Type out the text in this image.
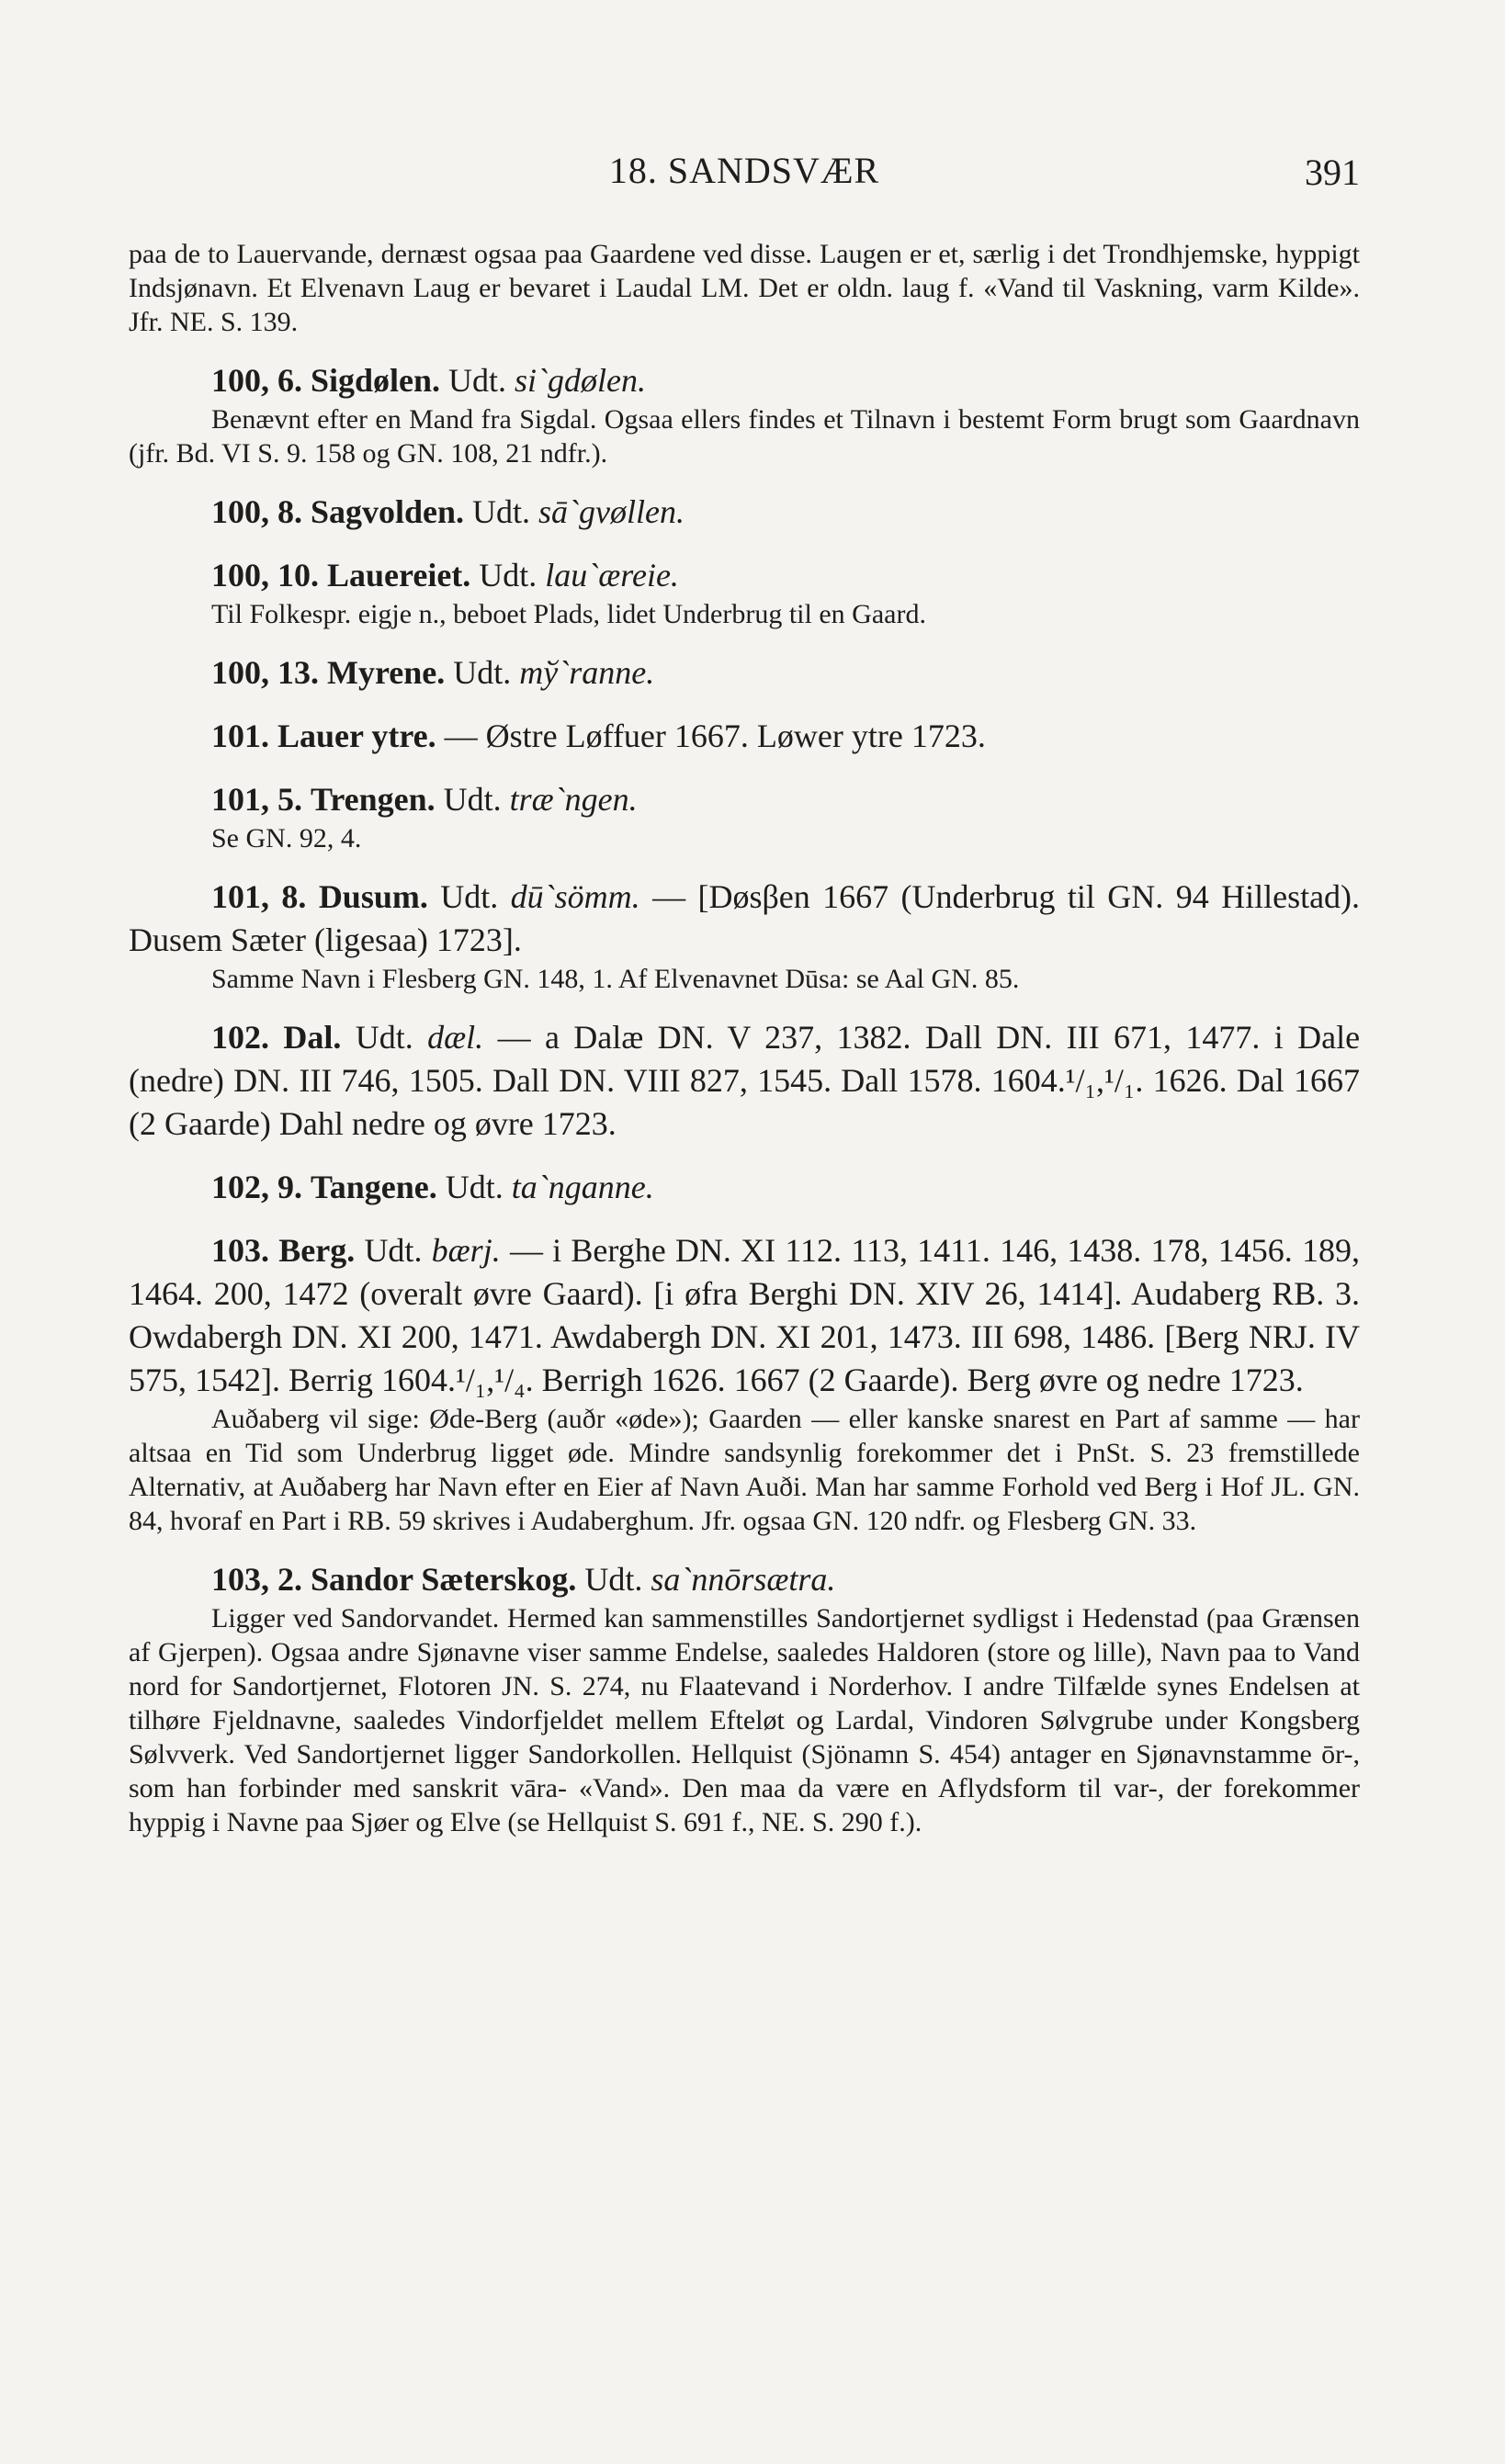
18. SANDSVÆR	391

paa de to Lauervande, dernæst ogsaa paa Gaardene ved disse. Laugen er et, særlig i det Trondhjemske, hyppigt Indsjønavn. Et Elvenavn Laug er bevaret i Laudal LM. Det er oldn. laug f. «Vand til Vaskning, varm Kilde». Jfr. NE. S. 139.

100, 6. Sigdølen. Udt. si`gdølen.

Benævnt efter en Mand fra Sigdal. Ogsaa ellers findes et Tilnavn i bestemt Form brugt som Gaardnavn (jfr. Bd. VI S. 9. 158 og GN. 108, 21 ndfr.).

100, 8. Sagvolden. Udt. sā`gvøllen.

100, 10. Lauereiet. Udt. lau`æreie.

Til Folkespr. eigje n., beboet Plads, lidet Underbrug til en Gaard.

100, 13. Myrene. Udt. mў`ranne.

101. Lauer ytre. — Østre Løffuer 1667. Løwer ytre 1723.

101, 5. Trengen. Udt. træ`ngen.

Se GN. 92, 4.

101, 8. Dusum. Udt. dū`sömm. — [Døsβen 1667 (Underbrug til GN. 94 Hillestad). Dusem Sæter (ligesaa) 1723].

Samme Navn i Flesberg GN. 148, 1. Af Elvenavnet Dūsa: se Aal GN. 85.

102. Dal. Udt. dæl. — a Dalæ DN. V 237, 1382. Dall DN. III 671, 1477. i Dale (nedre) DN. III 746, 1505. Dall DN. VIII 827, 1545. Dall 1578. 1604.¹/₁,¹/₁. 1626. Dal 1667 (2 Gaarde) Dahl nedre og øvre 1723.

102, 9. Tangene. Udt. ta`nganne.

103. Berg. Udt. bærj. — i Berghe DN. XI 112. 113, 1411. 146, 1438. 178, 1456. 189, 1464. 200, 1472 (overalt øvre Gaard). [i øfra Berghi DN. XIV 26, 1414]. Audaberg RB. 3. Owdabergh DN. XI 200, 1471. Awdabergh DN. XI 201, 1473. III 698, 1486. [Berg NRJ. IV 575, 1542]. Berrig 1604.¹/₁,¹/₄. Berrigh 1626. 1667 (2 Gaarde). Berg øvre og nedre 1723.

Auðaberg vil sige: Øde-Berg (auðr «øde»); Gaarden — eller kanske snarest en Part af samme — har altsaa en Tid som Underbrug ligget øde. Mindre sandsynlig forekommer det i PnSt. S. 23 fremstillede Alternativ, at Auðaberg har Navn efter en Eier af Navn Auði. Man har samme Forhold ved Berg i Hof JL. GN. 84, hvoraf en Part i RB. 59 skrives i Audaberghum. Jfr. ogsaa GN. 120 ndfr. og Flesberg GN. 33.

103, 2. Sandor Sæterskog. Udt. sa`nnōrsætra.

Ligger ved Sandorvandet. Hermed kan sammenstilles Sandortjernet sydligst i Hedenstad (paa Grænsen af Gjerpen). Ogsaa andre Sjønavne viser samme Endelse, saaledes Haldoren (store og lille), Navn paa to Vand nord for Sandortjernet, Flotoren JN. S. 274, nu Flaatevand i Norderhov. I andre Tilfælde synes Endelsen at tilhøre Fjeldnavne, saaledes Vindorfjeldet mellem Efteløt og Lardal, Vindoren Sølvgrube under Kongsberg Sølvverk. Ved Sandortjernet ligger Sandorkollen. Hellquist (Sjönamn S. 454) antager en Sjønavnstamme ōr-, som han forbinder med sanskrit vāra- «Vand». Den maa da være en Aflydsform til var-, der forekommer hyppig i Navne paa Sjøer og Elve (se Hellquist S. 691 f., NE. S. 290 f.).
